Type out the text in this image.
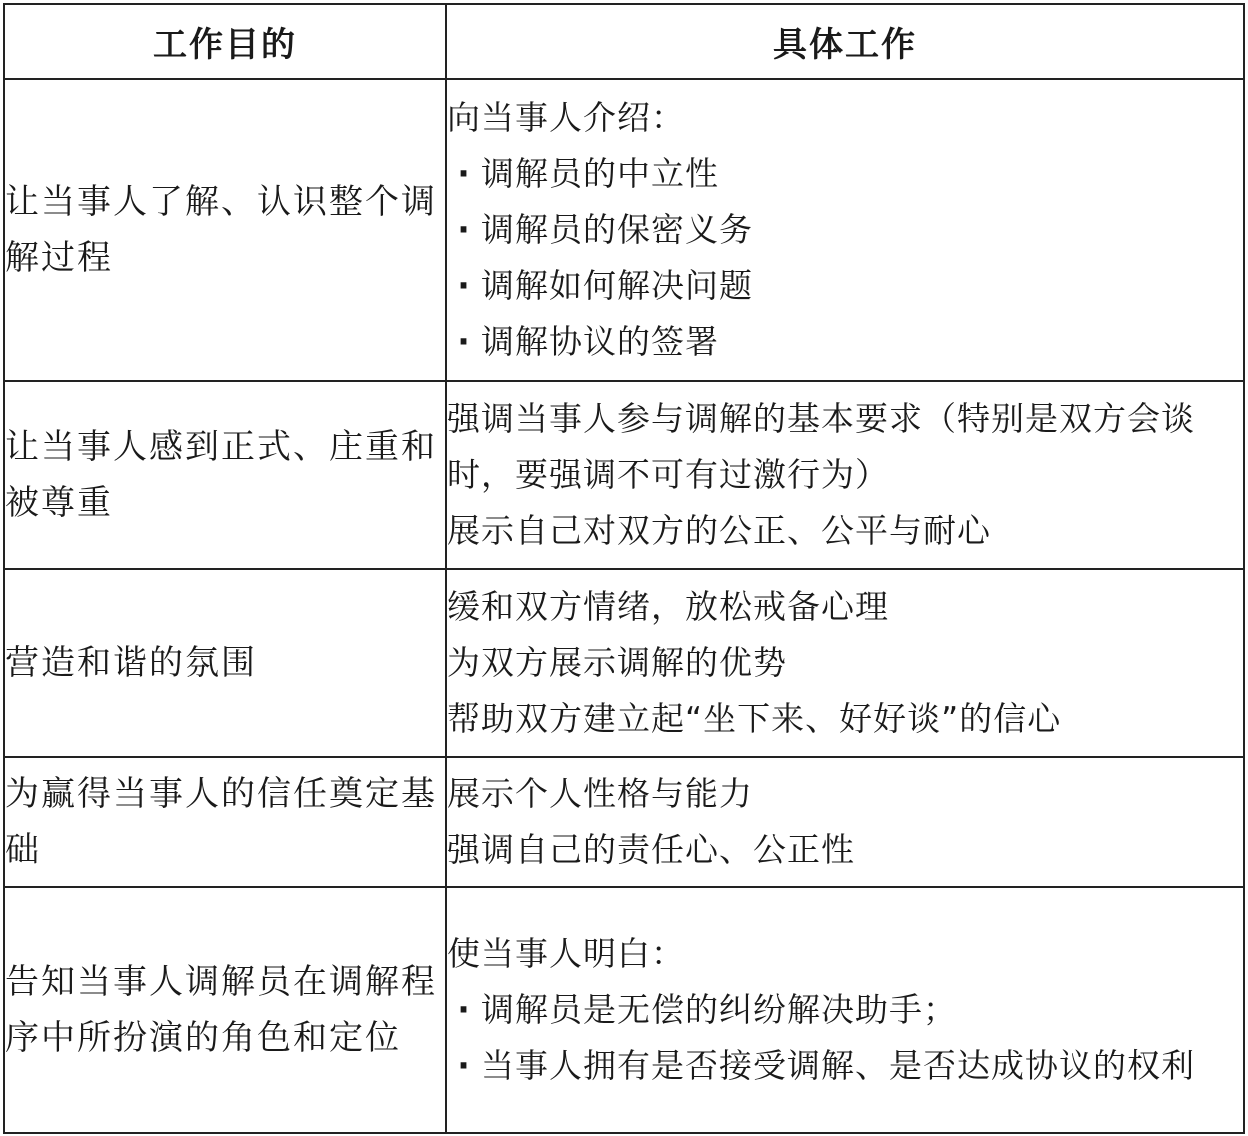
工作目的	具体工作
让当事人了解、认识整个调解过程	向当事人介绍：
· 调解员的中立性
· 调解员的保密义务
· 调解如何解决问题
· 调解协议的签署

让当事人感到正式、庄重和被尊重	强调当事人参与调解的基本要求（特别是双方会谈时，要强调不可有过激行为）
展示自己对双方的公正、公平与耐心

营造和谐的氛围	缓和双方情绪，放松戒备心理
为双方展示调解的优势
帮助双方建立起“坐下来、好好谈”的信心

为赢得当事人的信任奠定基础	展示个人性格与能力
强调自己的责任心、公正性

告知当事人调解员在调解程序中所扮演的角色和定位	使当事人明白：
· 调解员是无偿的纠纷解决助手；
· 当事人拥有是否接受调解、是否达成协议的权利
